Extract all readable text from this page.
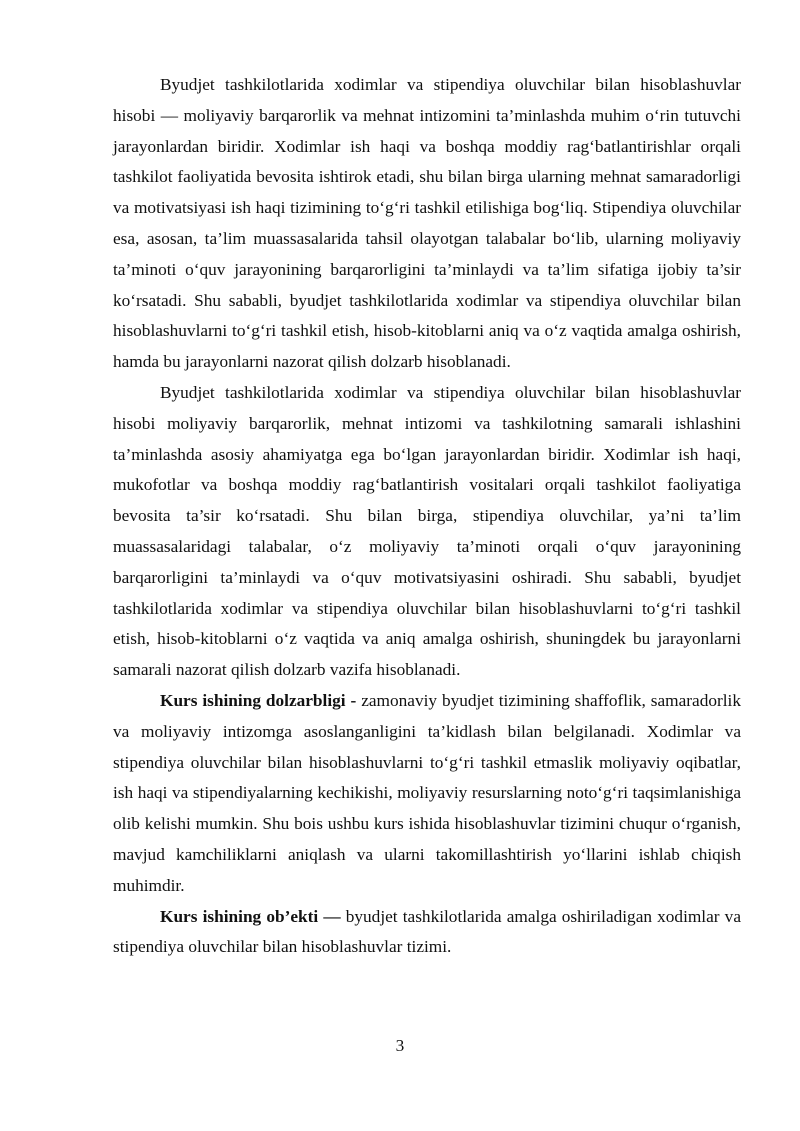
Byudjet tashkilotlarida xodimlar va stipendiya oluvchilar bilan hisoblashuvlar hisobi — moliyaviy barqarorlik va mehnat intizomini ta’minlashda muhim o‘rin tutuvchi jarayonlardan biridir. Xodimlar ish haqi va boshqa moddiy rag‘batlantirishlar orqali tashkilot faoliyatida bevosita ishtirok etadi, shu bilan birga ularning mehnat samaradorligi va motivatsiyasi ish haqi tizimining to‘g‘ri tashkil etilishiga bog‘liq. Stipendiya oluvchilar esa, asosan, ta’lim muassasalarida tahsil olayotgan talabalar bo‘lib, ularning moliyaviy ta’minoti o‘quv jarayonining barqarorligini ta’minlaydi va ta’lim sifatiga ijobiy ta’sir ko‘rsatadi. Shu sababli, byudjet tashkilotlarida xodimlar va stipendiya oluvchilar bilan hisoblashuvlarni to‘g‘ri tashkil etish, hisob-kitoblarni aniq va o‘z vaqtida amalga oshirish, hamda bu jarayonlarni nazorat qilish dolzarb hisoblanadi.

Byudjet tashkilotlarida xodimlar va stipendiya oluvchilar bilan hisoblashuvlar hisobi moliyaviy barqarorlik, mehnat intizomi va tashkilotning samarali ishlashini ta’minlashda asosiy ahamiyatga ega bo‘lgan jarayonlardan biridir. Xodimlar ish haqi, mukofotlar va boshqa moddiy rag‘batlantirish vositalari orqali tashkilot faoliyatiga bevosita ta’sir ko‘rsatadi. Shu bilan birga, stipendiya oluvchilar, ya’ni ta’lim muassasalaridagi talabalar, o‘z moliyaviy ta’minoti orqali o‘quv jarayonining barqarorligini ta’minlaydi va o‘quv motivatsiyasini oshiradi. Shu sababli, byudjet tashkilotlarida xodimlar va stipendiya oluvchilar bilan hisoblashuvlarni to‘g‘ri tashkil etish, hisob-kitoblarni o‘z vaqtida va aniq amalga oshirish, shuningdek bu jarayonlarni samarali nazorat qilish dolzarb vazifa hisoblanadi.

Kurs ishining dolzarbligi - zamonaviy byudjet tizimining shaffoflik, samaradorlik va moliyaviy intizomga asoslanganligini ta’kidlash bilan belgilanadi. Xodimlar va stipendiya oluvchilar bilan hisoblashuvlarni to‘g‘ri tashkil etmaslik moliyaviy oqibatlar, ish haqi va stipendiyalarning kechikishi, moliyaviy resurslarning noto‘g‘ri taqsimlanishiga olib kelishi mumkin. Shu bois ushbu kurs ishida hisoblashuvlar tizimini chuqur o‘rganish, mavjud kamchiliklarni aniqlash va ularni takomillashtirish yo‘llarini ishlab chiqish muhimdir.

Kurs ishining ob’ekti — byudjet tashkilotlarida amalga oshiriladigan xodimlar va stipendiya oluvchilar bilan hisoblashuvlar tizimi.

3
